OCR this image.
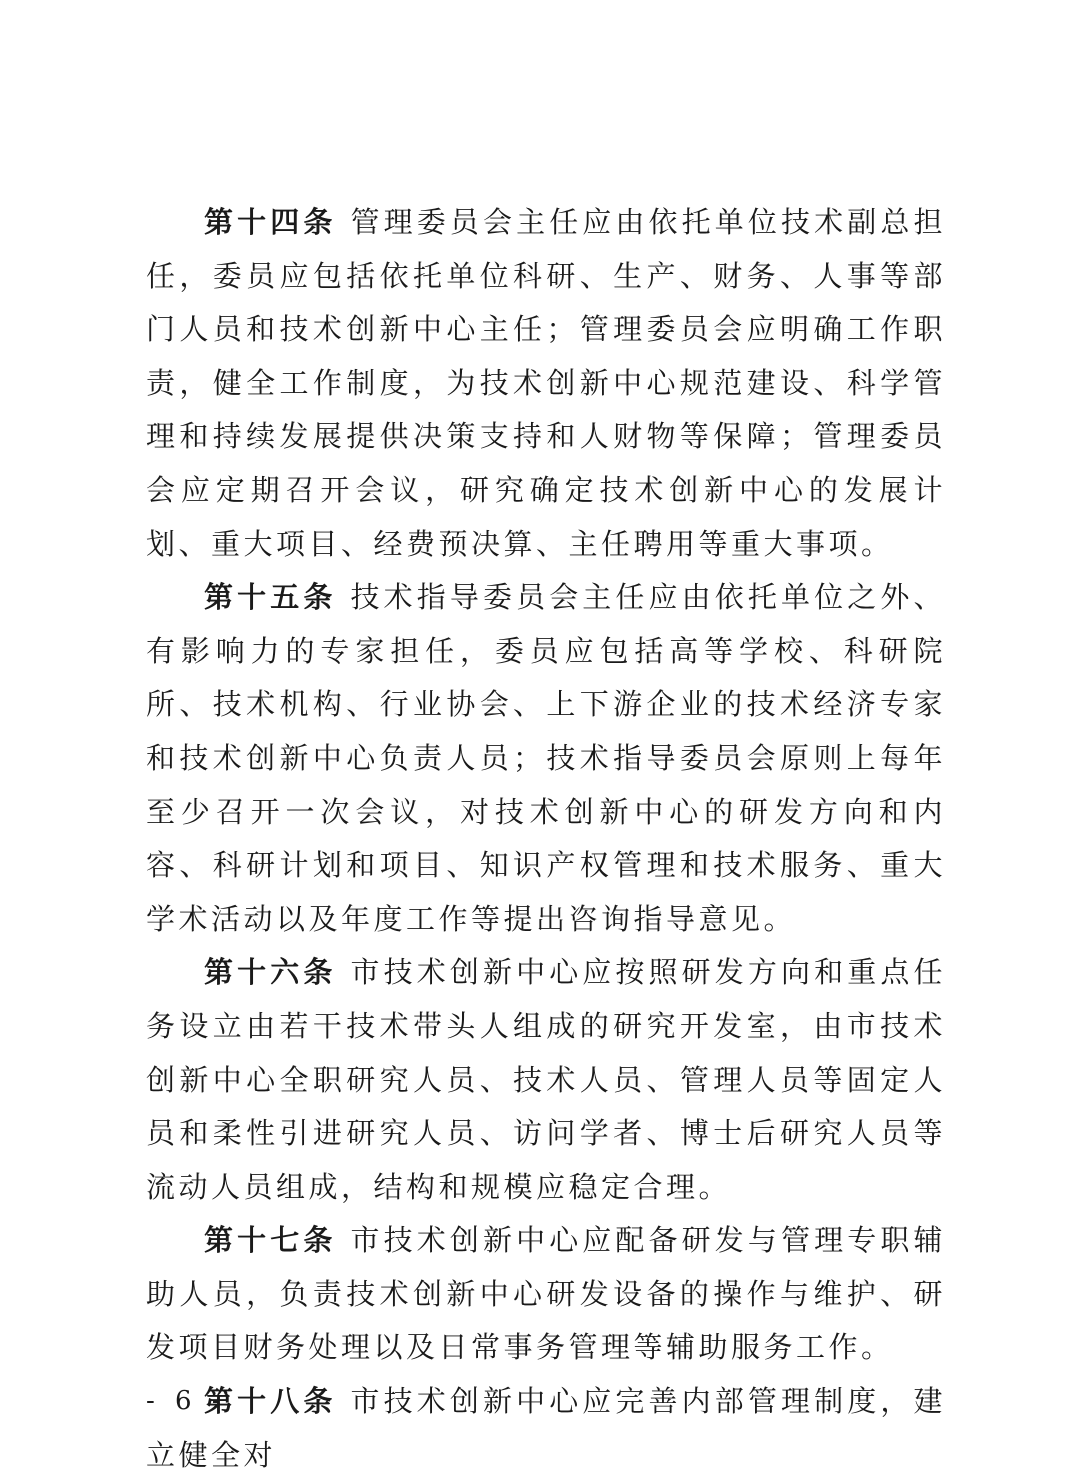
第十四条 管理委员会主任应由依托单位技术副总担任，委员应包括依托单位科研、生产、财务、人事等部门人员和技术创新中心主任；管理委员会应明确工作职责，健全工作制度，为技术创新中心规范建设、科学管理和持续发展提供决策支持和人财物等保障；管理委员会应定期召开会议，研究确定技术创新中心的发展计划、重大项目、经费预决算、主任聘用等重大事项。

第十五条 技术指导委员会主任应由依托单位之外、有影响力的专家担任，委员应包括高等学校、科研院所、技术机构、行业协会、上下游企业的技术经济专家和技术创新中心负责人员；技术指导委员会原则上每年至少召开一次会议，对技术创新中心的研发方向和内容、科研计划和项目、知识产权管理和技术服务、重大学术活动以及年度工作等提出咨询指导意见。

第十六条 市技术创新中心应按照研发方向和重点任务设立由若干技术带头人组成的研究开发室，由市技术创新中心全职研究人员、技术人员、管理人员等固定人员和柔性引进研究人员、访问学者、博士后研究人员等流动人员组成，结构和规模应稳定合理。

第十七条 市技术创新中心应配备研发与管理专职辅助人员，负责技术创新中心研发设备的操作与维护、研发项目财务处理以及日常事务管理等辅助服务工作。

第十八条 市技术创新中心应完善内部管理制度，建立健全对

- 6 -
